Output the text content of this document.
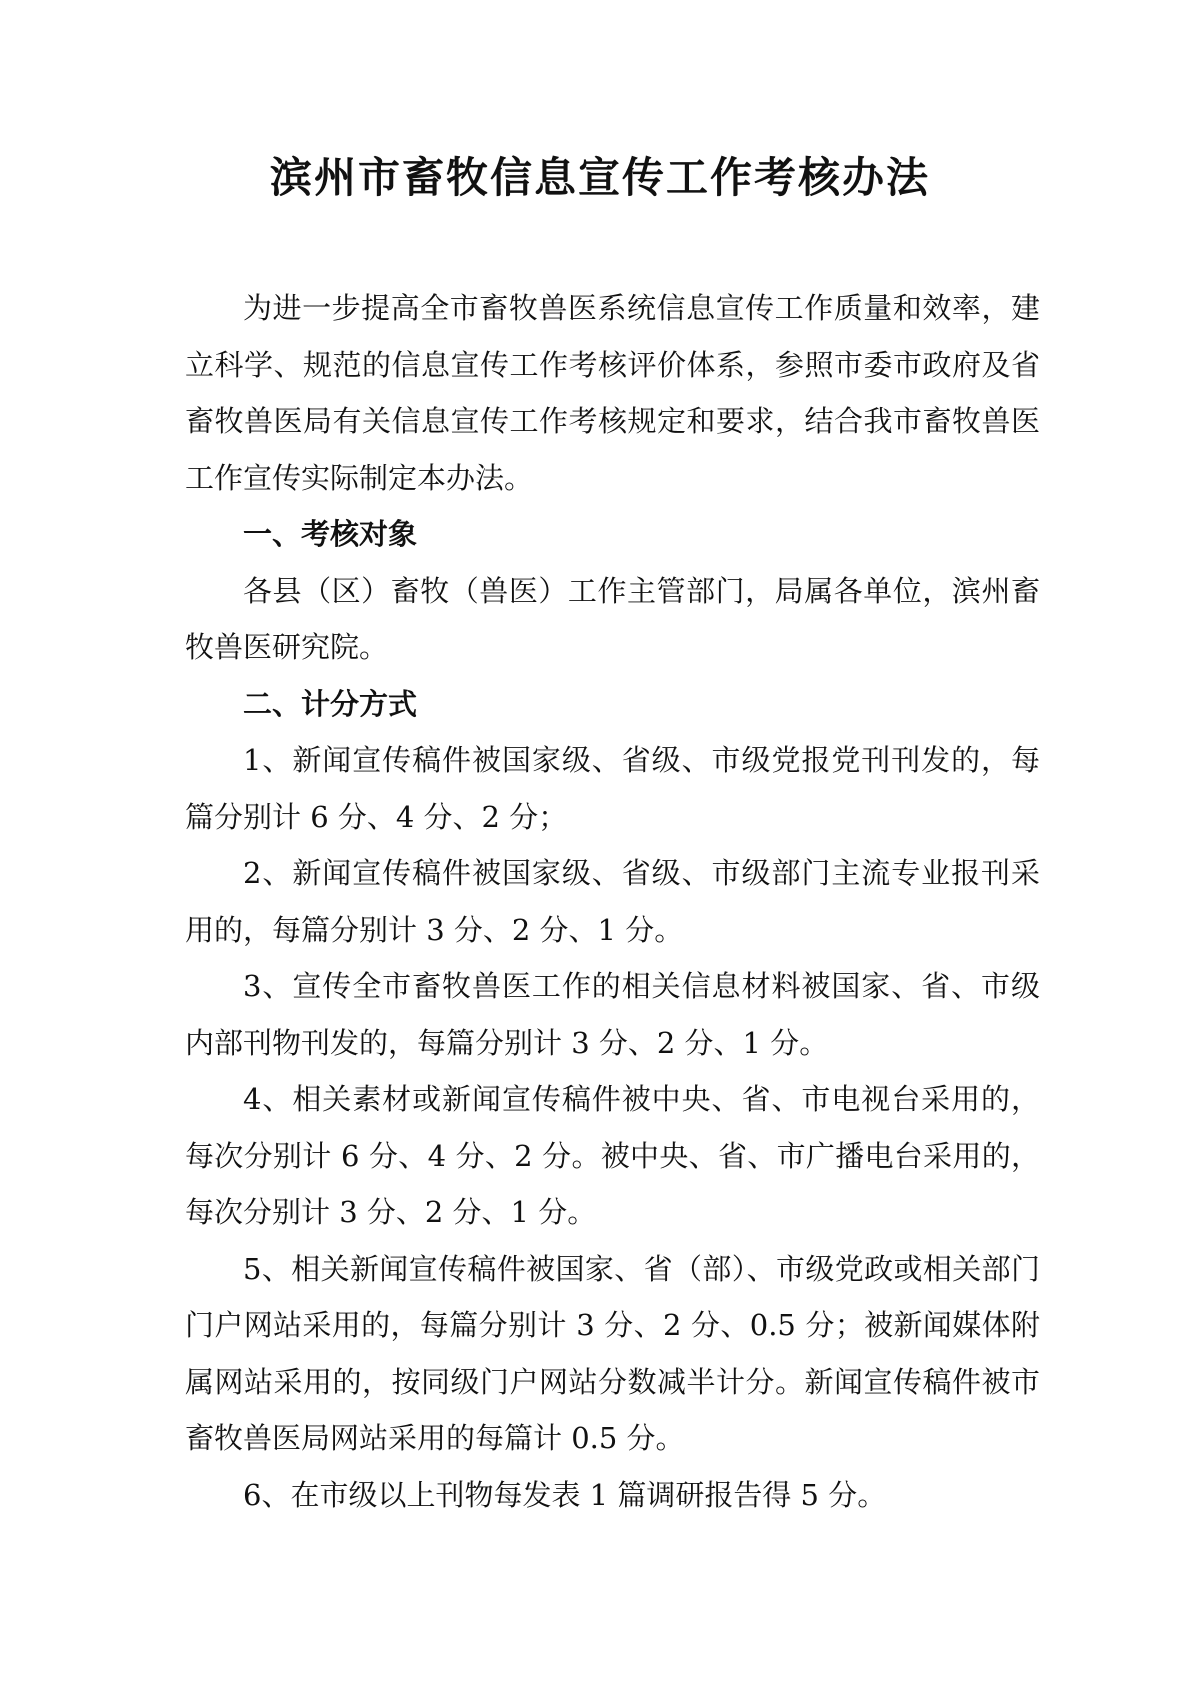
滨州市畜牧信息宣传工作考核办法

为进一步提高全市畜牧兽医系统信息宣传工作质量和效率，建立科学、规范的信息宣传工作考核评价体系，参照市委市政府及省畜牧兽医局有关信息宣传工作考核规定和要求，结合我市畜牧兽医工作宣传实际制定本办法。

一、考核对象

各县（区）畜牧（兽医）工作主管部门，局属各单位，滨州畜牧兽医研究院。

二、计分方式

1、新闻宣传稿件被国家级、省级、市级党报党刊刊发的，每篇分别计 6 分、4 分、2 分；

2、新闻宣传稿件被国家级、省级、市级部门主流专业报刊采用的，每篇分别计 3 分、2 分、1 分。

3、宣传全市畜牧兽医工作的相关信息材料被国家、省、市级内部刊物刊发的，每篇分别计 3 分、2 分、1 分。

4、相关素材或新闻宣传稿件被中央、省、市电视台采用的，每次分别计 6 分、4 分、2 分。被中央、省、市广播电台采用的，每次分别计 3 分、2 分、1 分。

5、相关新闻宣传稿件被国家、省（部）、市级党政或相关部门门户网站采用的，每篇分别计 3 分、2 分、0.5 分；被新闻媒体附属网站采用的，按同级门户网站分数减半计分。新闻宣传稿件被市畜牧兽医局网站采用的每篇计 0.5 分。

6、在市级以上刊物每发表 1 篇调研报告得 5 分。
